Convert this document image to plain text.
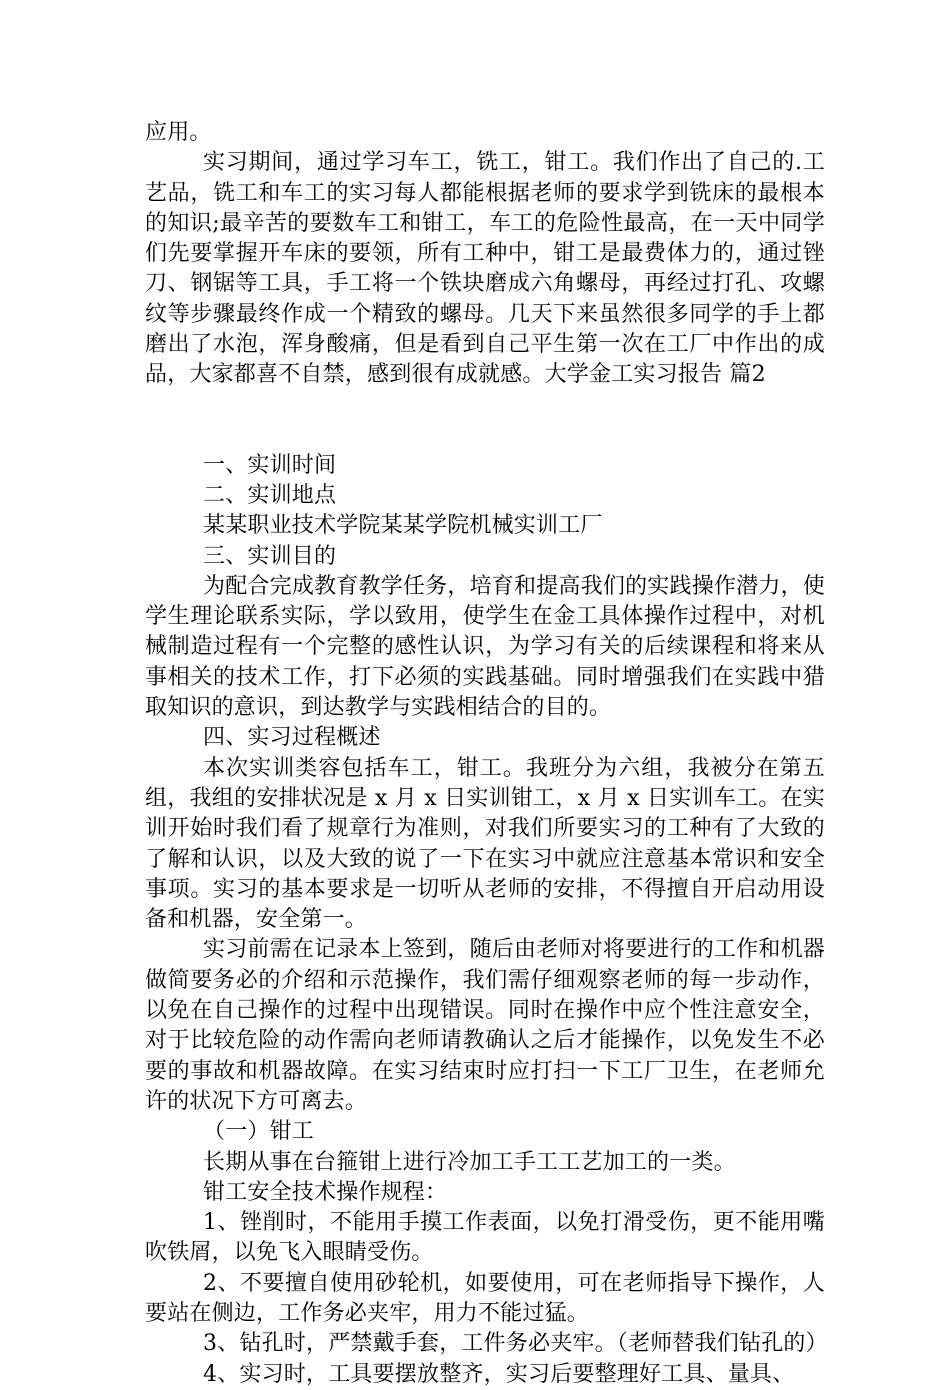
应用。

实习期间，通过学习车工，铣工，钳工。我们作出了自己的.工艺品，铣工和车工的实习每人都能根据老师的要求学到铣床的最根本的知识;最辛苦的要数车工和钳工，车工的危险性最高，在一天中同学们先要掌握开车床的要领，所有工种中，钳工是最费体力的，通过锉刀、钢锯等工具，手工将一个铁块磨成六角螺母，再经过打孔、攻螺纹等步骤最终作成一个精致的螺母。几天下来虽然很多同学的手上都磨出了水泡，浑身酸痛，但是看到自己平生第一次在工厂中作出的成品，大家都喜不自禁，感到很有成就感。大学金工实习报告 篇2

一、实训时间

二、实训地点

某某职业技术学院某某学院机械实训工厂

三、实训目的

为配合完成教育教学任务，培育和提高我们的实践操作潜力，使学生理论联系实际，学以致用，使学生在金工具体操作过程中，对机械制造过程有一个完整的感性认识，为学习有关的后续课程和将来从事相关的技术工作，打下必须的实践基础。同时增强我们在实践中猎取知识的意识，到达教学与实践相结合的目的。

四、实习过程概述

本次实训类容包括车工，钳工。我班分为六组，我被分在第五组，我组的安排状况是 x 月 x 日实训钳工，x 月 x 日实训车工。在实训开始时我们看了规章行为准则，对我们所要实习的工种有了大致的了解和认识，以及大致的说了一下在实习中就应注意基本常识和安全事项。实习的基本要求是一切听从老师的安排，不得擅自开启动用设备和机器，安全第一。

实习前需在记录本上签到，随后由老师对将要进行的工作和机器做简要务必的介绍和示范操作，我们需仔细观察老师的每一步动作，以免在自己操作的过程中出现错误。同时在操作中应个性注意安全，对于比较危险的动作需向老师请教确认之后才能操作，以免发生不必要的事故和机器故障。在实习结束时应打扫一下工厂卫生，在老师允许的状况下方可离去。

（一）钳工

长期从事在台箍钳上进行冷加工手工工艺加工的一类。

钳工安全技术操作规程：

1、锉削时，不能用手摸工作表面，以免打滑受伤，更不能用嘴吹铁屑，以免飞入眼睛受伤。

2、不要擅自使用砂轮机，如要使用，可在老师指导下操作，人要站在侧边，工作务必夹牢，用力不能过猛。

3、钻孔时，严禁戴手套，工件务必夹牢。（老师替我们钻孔的）

4、实习时，工具要摆放整齐，实习后要整理好工具、量具、
